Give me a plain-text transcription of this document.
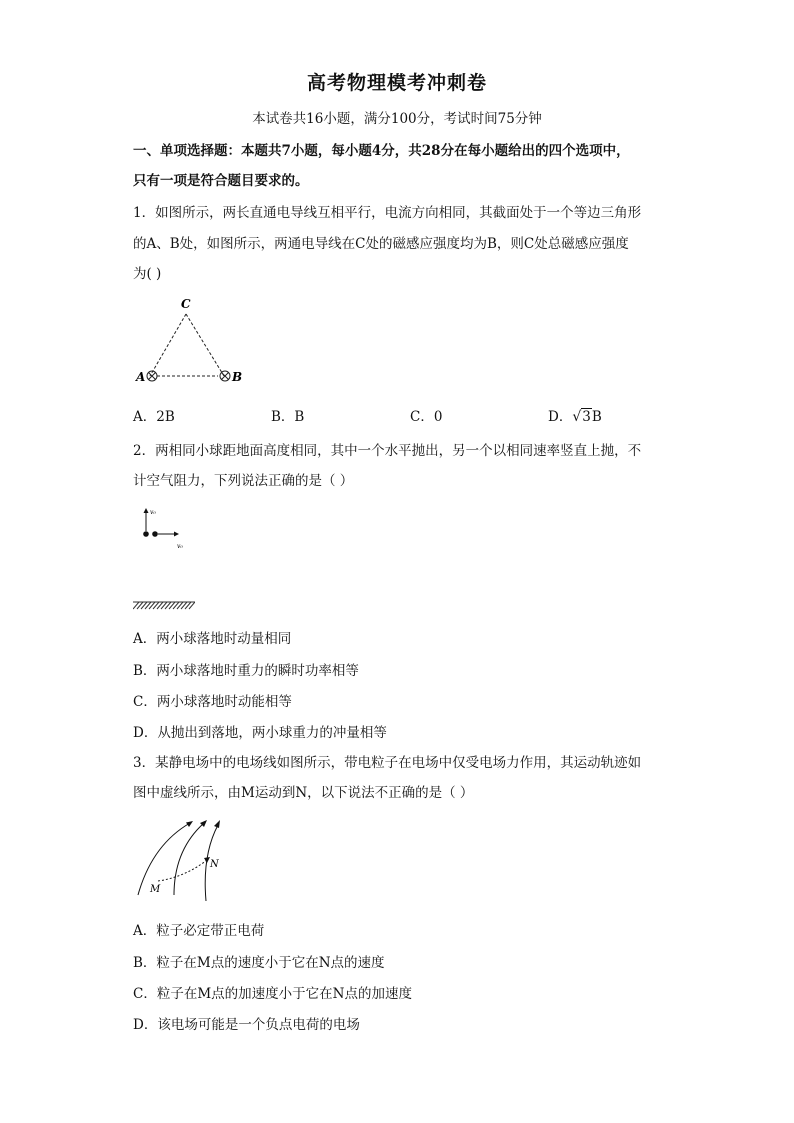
高考物理模考冲刺卷
本试卷共16小题，满分100分，考试时间75分钟
一、单项选择题：本题共7小题，每小题4分，共28分在每小题给出的四个选项中，
只有一项是符合题目要求的。
1．如图所示，两长直通电导线互相平行，电流方向相同，其截面处于一个等边三角形
的A、B处，如图所示，两通电导线在C处的磁感应强度均为B，则C处总磁感应强度
为( )
C
A	B
A．2B	B．B	C．0	D．√3B
2．两相同小球距地面高度相同，其中一个水平抛出，另一个以相同速率竖直上抛，不
计空气阻力，下列说法正确的是（ ）
v₀
v₀
A．两小球落地时动量相同
B．两小球落地时重力的瞬时功率相等
C．两小球落地时动能相等
D．从抛出到落地，两小球重力的冲量相等
3．某静电场中的电场线如图所示，带电粒子在电场中仅受电场力作用，其运动轨迹如
图中虚线所示，由M运动到N，以下说法不正确的是（ ）
M
N
A．粒子必定带正电荷
B．粒子在M点的速度小于它在N点的速度
C．粒子在M点的加速度小于它在N点的加速度
D．该电场可能是一个负点电荷的电场
